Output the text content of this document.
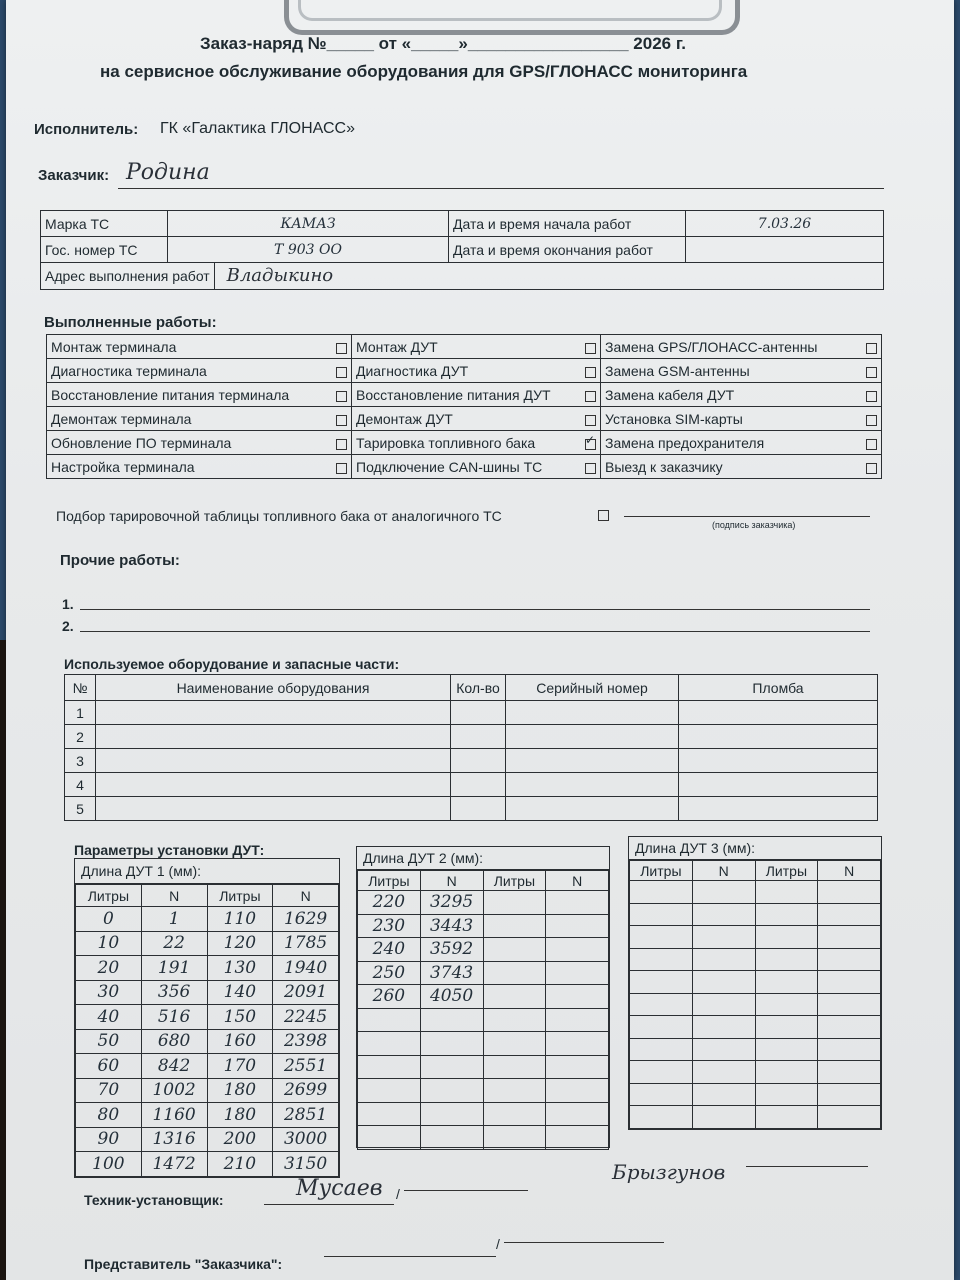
Заказ-наряд №_____ от «_____»_________________ 2026 г.
на сервисное обслуживание оборудования для GPS/ГЛОНАСС мониторинга
Исполнитель: ГК «Галактика ГЛОНАСС»
Заказчик: Родина
Марка ТС	КАМАЗ	Дата и время начала работ	7.03.26
Гос. номер ТС	Т 903 ОО	Дата и время окончания работ	
Адрес выполнения работ Владыкино			
Выполненные работы:
Монтаж терминала	Монтаж ДУТ	Замена GPS/ГЛОНАСС-антенны

Диагностика терминала	Диагностика ДУТ	Замена GSM-антенны

Восстановление питания терминала	Восстановление питания ДУТ	Замена кабеля ДУТ

Демонтаж терминала	Демонтаж ДУТ	Установка SIM-карты

Обновление ПО терминала	Тарировка топливного бака ✓	Замена предохранителя

Настройка терминала	Подключение CAN-шины ТС	Выезд к заказчику
Подбор тарировочной таблицы топливного бака от аналогичного ТС
(подпись заказчика)
Прочие работы:
1.
2.
Используемое оборудование и запасные части:
№	Наименование оборудования	Кол-во	Серийный номер	Пломба
1				
2				
3				
4				
5				
Параметры установки ДУТ:
Длина ДУТ 1 (мм):
Литры	N	Литры	N
0	1	110	1629
10	22	120	1785
20	191	130	1940
30	356	140	2091
40	516	150	2245
50	680	160	2398
60	842	170	2551
70	1002	180	2699
80	1160	180	2851
90	1316	200	3000
100	1472	210	3150
Длина ДУТ 2 (мм):
Литры	N	Литры	N
220	3295		
230	3443		
240	3592		
250	3743		
260	4050		

Длина ДУТ 3 (мм):
Литры	N	Литры	N

Техник-установщик:	Мусаев /
Брызгунов
Представитель "Заказчика":
/
